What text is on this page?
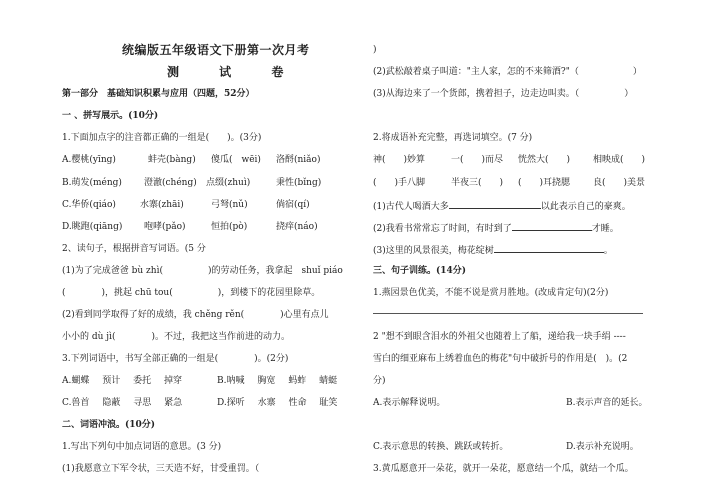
统编版五年级语文下册第一次月考
测 试 卷
第一部分　基础知识积累与应用（四题，52分）
一 、拼写展示。(10分)
1.下面加点字的注音都正确的一组是(　　)。(3分)
A.樱桃(yīng)	蚌壳(bàng) 傻瓜(　wēi) 洛酹(niǎo)
B.萌发(méng) 澄澈(chéng) 点缀(zhuì)	秉性(bǐng)
C.华侨(qiáo)	水寨(zhāi)	弓弩(nǔ)	倘宿(qí)
D.眺跑(qiāng) 咆哮(pǎo)	恒拍(pò)	挠痒(náo)
2、读句子，根据拼音写词语。(5 分
(1)为了完成爸爸 bù zhì(　　　　　)的劳动任务，我拿起　shuǐ piáo
(　　　　)，挑起 chū tou(　　　　　)，到楼下的花园里除草。
(2)看到同学取得了好的成绩，我 chěng rěn(　　　　)心里有点儿
小小的 dù jì(　　　　)。不过，我把这当作前进的动力。
3.下列词语中，书写全部正确的一组是(　　　　)。(2分)
A.蝴蝶 预计 委托 掉穿	B.呐喊 胸宽 蚂蚱 蜻蜓
C.兽首 隐蔽 寻思 紧急	D.探听 水寨 性命 耻笑
二、词语冲浪。(10分)
1.写出下列句中加点词语的意思。(3 分)
(1)我愿意立下军令状，三天造不好，甘受重罚。（
)
(2)武松敲着桌子叫道："主人家，怎的不来筛酒?"（　　　　　　）
(3)从海边来了一个货郎，携着担子，边走边叫卖。（　　　　　）
2.将成语补充完整，再选词填空。(7 分)
神(　　)妙算	一(　　)而尽 恍然大(　　)	相映成(　　)
(　　)手八脚	半夜三(　　) (　　)耳挠腮	良(　　)美景
(1)古代人喝酒大多	以此表示自己的豪爽。
(2)我看书常常忘了时间，有时到了	才睡。
(3)这里的风景很美，梅花绽树	。
三、句子训练。(14分)
1.燕园景色优美，不能不说是赏月胜地。(改成肯定句)(2分)
2 "想不到眼含泪水的外祖父也随着上了船，递给我一块手绢 ----
雪白的细亚麻布上绣着血色的梅花"句中破折号的作用是(　)。(2
分)
A.表示解释说明。	B.表示声音的延长。
C.表示意思的转换、跳跃或转折。	D.表示补充说明。
3.黄瓜愿意开一朵花，就开一朵花，愿意结一个瓜，就结一个瓜。
